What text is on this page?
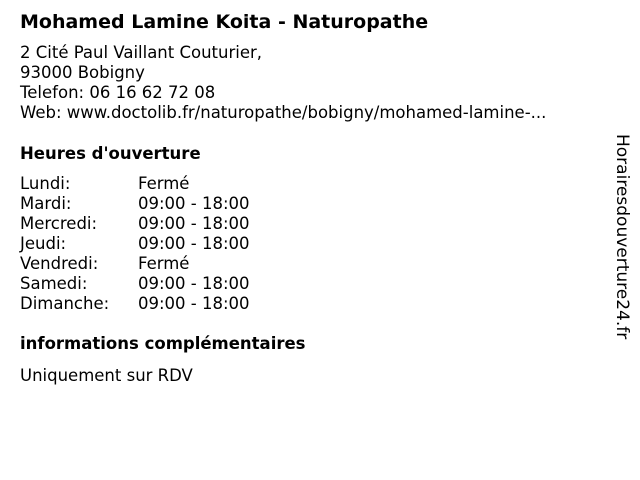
Mohamed Lamine Koita - Naturopathe
2 Cité Paul Vaillant Couturier,
93000 Bobigny
Telefon: 06 16 62 72 08
Web: www.doctolib.fr/naturopathe/bobigny/mohamed-lamine-...
Heures d'ouverture
Lundi:	Fermé
Mardi:	09:00 - 18:00
Mercredi: 09:00 - 18:00
Jeudi:	09:00 - 18:00
Vendredi: Fermé
Samedi:	09:00 - 18:00
Dimanche: 09:00 - 18:00
informations complémentaires
Uniquement sur RDV
Horairesdouverture24.fr
